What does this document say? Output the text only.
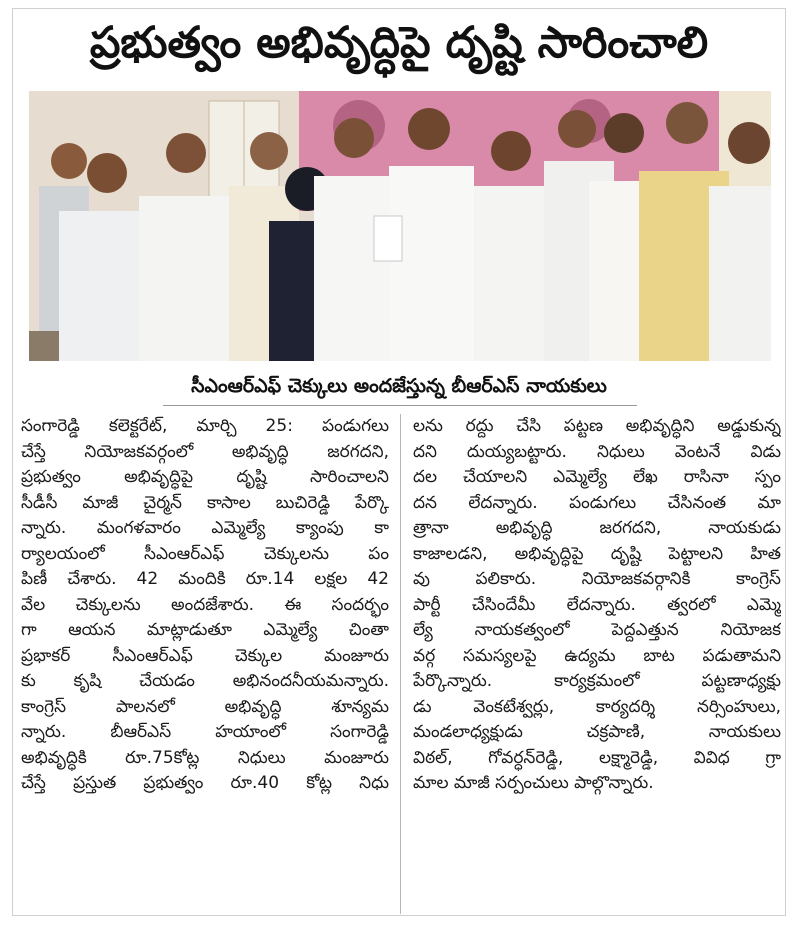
ప్రభుత్వం అభివృద్ధిపై దృష్టి సారించాలి
సీఎంఆర్ఎఫ్ చెక్కులు అందజేస్తున్న బీఆర్ఎస్ నాయకులు
సంగారెడ్డి కలెక్టరేట్, మార్చి 25: పండుగలు
చేస్తే నియోజకవర్గంలో అభివృద్ధి జరగదని,
ప్రభుత్వం అభివృద్ధిపై దృష్టి సారించాలని
సీడీసీ మాజీ చైర్మన్ కాసాల బుచిరెడ్డి పేర్కొ
న్నారు. మంగళవారం ఎమ్మెల్యే క్యాంపు కా
ర్యాలయంలో సీఎంఆర్ఎఫ్ చెక్కులను పం
పిణీ చేశారు. 42 మందికి రూ.14 లక్షల 42
వేల చెక్కులను అందజేశారు. ఈ సందర్భం
గా ఆయన మాట్లాడుతూ ఎమ్మెల్యే చింతా
ప్రభాకర్ సీఎంఆర్ఎఫ్ చెక్కుల మంజూరు
కు కృషి చేయడం అభినందనీయమన్నారు.
కాంగ్రెస్ పాలనలో అభివృద్ధి శూన్యమ
న్నారు. బీఆర్ఎస్ హయాంలో సంగారెడ్డి
అభివృద్ధికి రూ.75కోట్ల నిధులు మంజూరు
చేస్తే ప్రస్తుత ప్రభుత్వం రూ.40 కోట్ల నిధు
లను రద్దు చేసి పట్టణ అభివృద్ధిని అడ్డుకున్న
దని దుయ్యబట్టారు. నిధులు వెంటనే విడు
దల చేయాలని ఎమ్మెల్యే లేఖ రాసినా స్పం
దన లేదన్నారు. పండుగలు చేసినంత మా
త్రానా అభివృద్ధి జరగదని, నాయకుడు
కాజాలడని, అభివృద్ధిపై దృష్టి పెట్టాలని హిత
వు పలికారు. నియోజకవర్గానికి కాంగ్రెస్
పార్టీ చేసిందేమీ లేదన్నారు. త్వరలో ఎమ్మె
ల్యే నాయకత్వంలో పెద్దఎత్తున నియోజక
వర్గ సమస్యలపై ఉద్యమ బాట పడుతామని
పేర్కొన్నారు. కార్యక్రమంలో పట్టణాధ్యక్షు
డు వెంకటేశ్వర్లు, కార్యదర్శి నర్సింహులు,
మండలాధ్యక్షుడు చక్రపాణి, నాయకులు
విఠల్, గోవర్ధన్‌రెడ్డి, లక్ష్మారెడ్డి, వివిధ గ్రా
మాల మాజీ సర్పంచులు పాల్గొన్నారు.
